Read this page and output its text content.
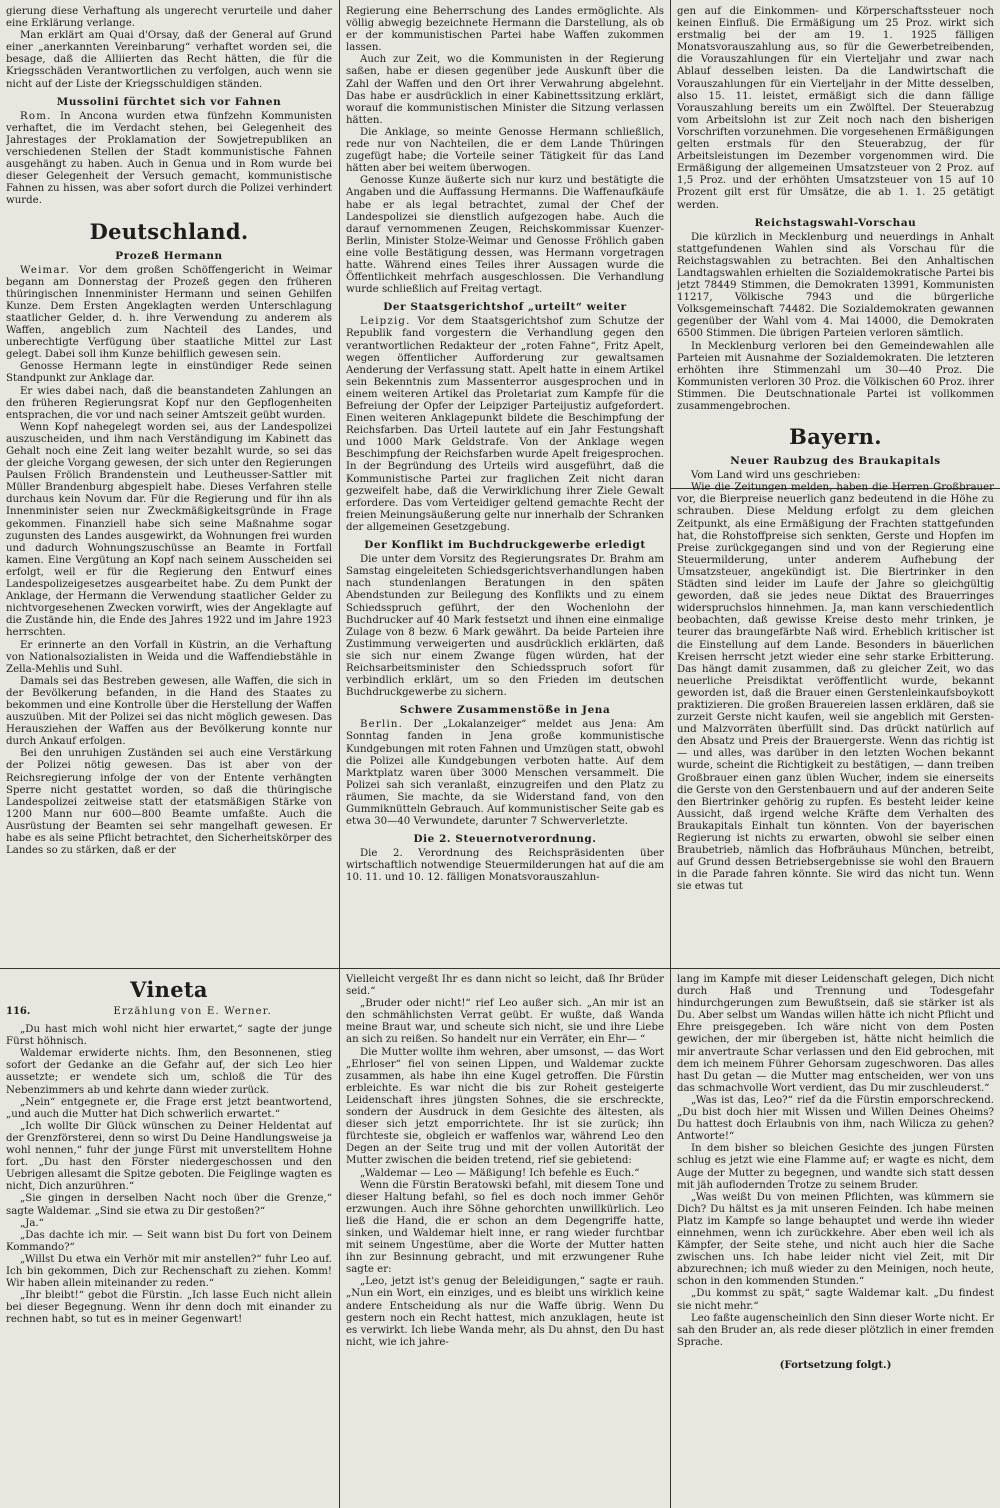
gierung diese Verhaftung als ungerecht verurteile und daher eine Erklärung verlange.

Man erklärt am Quai d'Orsay, daß der General auf Grund einer „anerkannten Vereinbarung“ verhaftet worden sei, die besage, daß die Alliierten das Recht hätten, die für die Kriegsschäden Verantwortlichen zu verfolgen, auch wenn sie nicht auf der Liste der Kriegsschuldigen ständen.

Mussolini fürchtet sich vor Fahnen

Rom. In Ancona wurden etwa fünfzehn Kommunisten verhaftet, die im Verdacht stehen, bei Gelegenheit des Jahrestages der Proklamation der Sowjetrepubliken an verschiedenen Stellen der Stadt kommunistische Fahnen ausgehängt zu haben. Auch in Genua und in Rom wurde bei dieser Gelegenheit der Versuch gemacht, kommunistische Fahnen zu hissen, was aber sofort durch die Polizei verhindert wurde.

Deutschland.
Prozeß Hermann

Weimar. Vor dem großen Schöffengericht in Weimar begann am Donnerstag der Prozeß gegen den früheren thüringischen Innenminister Hermann und seinen Gehilfen Kunze. Dem Ersten Angeklagten werden Unterschlagung staatlicher Gelder, d. h. ihre Verwendung zu anderem als Waffen, angeblich zum Nachteil des Landes, und unberechtigte Verfügung über staatliche Mittel zur Last gelegt. Dabei soll ihm Kunze behilflich gewesen sein.

Genosse Hermann legte in einstündiger Rede seinen Standpunkt zur Anklage dar.

Er wies dabei nach, daß die beanstandeten Zahlungen an den früheren Regierungsrat Kopf nur den Gepflogenheiten entsprachen, die vor und nach seiner Amtszeit geübt wurden.

Wenn Kopf nahegelegt worden sei, aus der Landespolizei auszuscheiden, und ihm nach Verständigung im Kabinett das Gehalt noch eine Zeit lang weiter bezahlt wurde, so sei das der gleiche Vorgang gewesen, der sich unter den Regierungen Paulsen Frölich Brandenstein und Leutheusser-Sattler mit Müller Brandenburg abgespielt habe. Dieses Verfahren stelle durchaus kein Novum dar. Für die Regierung und für ihn als Innenminister seien nur Zweckmäßigkeitsgründe in Frage gekommen. Finanziell habe sich seine Maßnahme sogar zugunsten des Landes ausgewirkt, da Wohnungen frei wurden und dadurch Wohnungszuschüsse an Beamte in Fortfall kamen. Eine Vergütung an Kopf nach seinem Ausscheiden sei erfolgt, weil er für die Regierung den Entwurf eines Landespolizeigesetzes ausgearbeitet habe. Zu dem Punkt der Anklage, der Hermann die Verwendung staatlicher Gelder zu nichtvorgesehenen Zwecken vorwirft, wies der Angeklagte auf die Zustände hin, die Ende des Jahres 1922 und im Jahre 1923 herrschten.

Er erinnerte an den Vorfall in Küstrin, an die Verhaftung von Nationalsozialisten in Weida und die Waffendiebstähle in Zella-Mehlis und Suhl.

Damals sei das Bestreben gewesen, alle Waffen, die sich in der Bevölkerung befanden, in die Hand des Staates zu bekommen und eine Kontrolle über die Herstellung der Waffen auszuüben. Mit der Polizei sei das nicht möglich gewesen. Das Herausziehen der Waffen aus der Bevölkerung konnte nur durch Ankauf erfolgen.

Bei den unruhigen Zuständen sei auch eine Verstärkung der Polizei nötig gewesen. Das ist aber von der Reichsregierung infolge der von der Entente verhängten Sperre nicht gestattet worden, so daß die thüringische Landespolizei zeitweise statt der etatsmäßigen Stärke von 1200 Mann nur 600—800 Beamte umfaßte. Auch die Ausrüstung der Beamten sei sehr mangelhaft gewesen. Er habe es als seine Pflicht betrachtet, den Sicherheitskörper des Landes so zu stärken, daß er der

Regierung eine Beherrschung des Landes ermöglichte. Als völlig abwegig bezeichnete Hermann die Darstellung, als ob er der kommunistischen Partei habe Waffen zukommen lassen.

Auch zur Zeit, wo die Kommunisten in der Regierung saßen, habe er diesen gegenüber jede Auskunft über die Zahl der Waffen und den Ort ihrer Verwahrung abgelehnt. Das habe er ausdrücklich in einer Kabinettssitzung erklärt, worauf die kommunistischen Minister die Sitzung verlassen hätten.

Die Anklage, so meinte Genosse Hermann schließlich, rede nur von Nachteilen, die er dem Lande Thüringen zugefügt habe; die Vorteile seiner Tätigkeit für das Land hätten aber bei weitem überwogen.

Genosse Kunze äußerte sich nur kurz und bestätigte die Angaben und die Auffassung Hermanns. Die Waffenaufkäufe habe er als legal betrachtet, zumal der Chef der Landespolizei sie dienstlich aufgezogen habe. Auch die darauf vernommenen Zeugen, Reichskommissar Kuenzer-Berlin, Minister Stolze-Weimar und Genosse Fröhlich gaben eine volle Bestätigung dessen, was Hermann vorgetragen hatte. Während eines Teiles ihrer Aussagen wurde die Öffentlichkeit mehrfach ausgeschlossen. Die Verhandlung wurde schließlich auf Freitag vertagt.

Der Staatsgerichtshof „urteilt“ weiter

Leipzig. Vor dem Staatsgerichtshof zum Schutze der Republik fand vorgestern die Verhandlung gegen den verantwortlichen Redakteur der „roten Fahne“, Fritz Apelt, wegen öffentlicher Aufforderung zur gewaltsamen Aenderung der Verfassung statt. Apelt hatte in einem Artikel sein Bekenntnis zum Massenterror ausgesprochen und in einem weiteren Artikel das Proletariat zum Kampfe für die Befreiung der Opfer der Leipziger Parteijustiz aufgefordert. Einen weiteren Anklagepunkt bildete die Beschimpfung der Reichsfarben. Das Urteil lautete auf ein Jahr Festungshaft und 1000 Mark Geldstrafe. Von der Anklage wegen Beschimpfung der Reichsfarben wurde Apelt freigesprochen. In der Begründung des Urteils wird ausgeführt, daß die Kommunistische Partei zur fraglichen Zeit nicht daran gezweifelt habe, daß die Verwirklichung ihrer Ziele Gewalt erfordere. Das vom Verteidiger geltend gemachte Recht der freien Meinungsäußerung gelte nur innerhalb der Schranken der allgemeinen Gesetzgebung.

Der Konflikt im Buchdruckgewerbe erledigt

Die unter dem Vorsitz des Regierungsrates Dr. Brahm am Samstag eingeleiteten Schiedsgerichtsverhandlungen haben nach stundenlangen Beratungen in den späten Abendstunden zur Beilegung des Konflikts und zu einem Schiedsspruch geführt, der den Wochenlohn der Buchdrucker auf 40 Mark festsetzt und ihnen eine einmalige Zulage von 8 bezw. 6 Mark gewährt. Da beide Parteien ihre Zustimmung verweigerten und ausdrücklich erklärten, daß sie sich nur einem Zwange fügen würden, hat der Reichsarbeitsminister den Schiedsspruch sofort für verbindlich erklärt, um so den Frieden im deutschen Buchdruckgewerbe zu sichern.

Schwere Zusammenstöße in Jena

Berlin. Der „Lokalanzeiger“ meldet aus Jena: Am Sonntag fanden in Jena große kommunistische Kundgebungen mit roten Fahnen und Umzügen statt, obwohl die Polizei alle Kundgebungen verboten hatte. Auf dem Marktplatz waren über 3000 Menschen versammelt. Die Polizei sah sich veranlaßt, einzugreifen und den Platz zu räumen, Sie machte, da sie Widerstand fand, von den Gummiknütteln Gebrauch. Auf kommunistischer Seite gab es etwa 30—40 Verwundete, darunter 7 Schwerverletzte.

Die 2. Steuernotverordnung.

Die 2. Verordnung des Reichspräsidenten über wirtschaftlich notwendige Steuermilderungen hat auf die am 10. 11. und 10. 12. fälligen Monatsvorauszahlun-

gen auf die Einkommen- und Körperschaftssteuer noch keinen Einfluß. Die Ermäßigung um 25 Proz. wirkt sich erstmalig bei der am 19. 1. 1925 fälligen Monatsvorauszahlung aus, so für die Gewerbetreibenden, die Vorauszahlungen für ein Vierteljahr und zwar nach Ablauf desselben leisten. Da die Landwirtschaft die Vorauszahlungen für ein Vierteljahr in der Mitte desselben, also 15. 11. leistet, ermäßigt sich die dann fällige Vorauszahlung bereits um ein Zwölftel. Der Steuerabzug vom Arbeitslohn ist zur Zeit noch nach den bisherigen Vorschriften vorzunehmen. Die vorgesehenen Ermäßigungen gelten erstmals für den Steuerabzug, der für Arbeitsleistungen im Dezember vorgenommen wird. Die Ermäßigung der allgemeinen Umsatzsteuer von 2 Proz. auf 1,5 Proz. und der erhöhten Umsatzsteuer von 15 auf 10 Prozent gilt erst für Umsätze, die ab 1. 1. 25 getätigt werden.

Reichstagswahl-Vorschau

Die kürzlich in Mecklenburg und neuerdings in Anhalt stattgefundenen Wahlen sind als Vorschau für die Reichstagswahlen zu betrachten. Bei den Anhaltischen Landtagswahlen erhielten die Sozialdemokratische Partei bis jetzt 78449 Stimmen, die Demokraten 13991, Kommunisten 11217, Völkische 7943 und die bürgerliche Volksgemeinschaft 74482. Die Sozialdemokraten gewannen gegenüber der Wahl vom 4. Mai 14000, die Demokraten 6500 Stimmen. Die übrigen Parteien verloren sämtlich.

In Mecklenburg verloren bei den Gemeindewahlen alle Parteien mit Ausnahme der Sozialdemokraten. Die letzteren erhöhten ihre Stimmenzahl um 30—40 Proz. Die Kommunisten verloren 30 Proz. die Völkischen 60 Proz. ihrer Stimmen. Die Deutschnationale Partei ist vollkommen zusammengebrochen.

Bayern.
Neuer Raubzug des Braukapitals

Vom Land wird uns geschrieben:

Wie die Zeitungen melden, haben die Herren Großbrauer vor, die Bierpreise neuerlich ganz bedeutend in die Höhe zu schrauben. Diese Meldung erfolgt zu dem gleichen Zeitpunkt, als eine Ermäßigung der Frachten stattgefunden hat, die Rohstoffpreise sich senkten, Gerste und Hopfen im Preise zurückgegangen sind und von der Regierung eine Steuermilderung, unter anderem Aufhebung der Umsatzsteuer, angekündigt ist. Die Biertrinker in den Städten sind leider im Laufe der Jahre so gleichgültig geworden, daß sie jedes neue Diktat des Brauerringes widerspruchslos hinnehmen. Ja, man kann verschiedentlich beobachten, daß gewisse Kreise desto mehr trinken, je teurer das braungefärbte Naß wird. Erheblich kritischer ist die Einstellung auf dem Lande. Besonders in bäuerlichen Kreisen herrscht jetzt wieder eine sehr starke Erbitterung. Das hängt damit zusammen, daß zu gleicher Zeit, wo das neuerliche Preisdiktat veröffentlicht wurde, bekannt geworden ist, daß die Brauer einen Gerstenleinkaufsboykott praktizieren. Die großen Brauereien lassen erklären, daß sie zurzeit Gerste nicht kaufen, weil sie angeblich mit Gersten- und Malzvorräten überfüllt sind. Das drückt natürlich auf den Absatz und Preis der Brauergerste. Wenn das richtig ist — und alles, was darüber in den letzten Wochen bekannt wurde, scheint die Richtigkeit zu bestätigen, — dann treiben Großbrauer einen ganz üblen Wucher, indem sie einerseits die Gerste von den Gerstenbauern und auf der anderen Seite den Biertrinker gehörig zu rupfen. Es besteht leider keine Aussicht, daß irgend welche Kräfte dem Verhalten des Braukapitals Einhalt tun könnten. Von der bayerischen Regierung ist nichts zu erwarten, obwohl sie selber einen Braubetrieb, nämlich das Hofbräuhaus München, betreibt, auf Grund dessen Betriebsergebnisse sie wohl den Brauern in die Parade fahren könnte. Sie wird das nicht tun. Wenn sie etwas tut

Vineta
116.	Erzählung von E. Werner.

„Du hast mich wohl nicht hier erwartet,“ sagte der junge Fürst höhnisch.

Waldemar erwiderte nichts. Ihm, den Besonnenen, stieg sofort der Gedanke an die Gefahr auf, der sich Leo hier aussetzte; er wendete sich um, schloß die Tür des Nebenzimmers ab und kehrte dann wieder zurück.

„Nein“ entgegnete er, die Frage erst jetzt beantwortend, „und auch die Mutter hat Dich schwerlich erwartet.“

„Ich wollte Dir Glück wünschen zu Deiner Heldentat auf der Grenzförsterei, denn so wirst Du Deine Handlungsweise ja wohl nennen,“ fuhr der junge Fürst mit unverstelltem Hohne fort. „Du hast den Förster niedergeschossen und den Uebrigen allesamt die Spitze geboten. Die Feiglinge wagten es nicht, Dich anzurühren.“

„Sie gingen in derselben Nacht noch über die Grenze,“ sagte Waldemar. „Sind sie etwa zu Dir gestoßen?“

„Ja.“

„Das dachte ich mir. — Seit wann bist Du fort von Deinem Kommando?“

„Willst Du etwa ein Verhör mit mir anstellen?“ fuhr Leo auf. Ich bin gekommen, Dich zur Rechenschaft zu ziehen. Komm! Wir haben allein miteinander zu reden.“

„Ihr bleibt!“ gebot die Fürstin. „Ich lasse Euch nicht allein bei dieser Begegnung. Wenn ihr denn doch mit einander zu rechnen habt, so tut es in meiner Gegenwart!

Vielleicht vergeßt Ihr es dann nicht so leicht, daß Ihr Brüder seid.“

„Bruder oder nicht!“ rief Leo außer sich. „An mir ist an den schmählichsten Verrat geübt. Er wußte, daß Wanda meine Braut war, und scheute sich nicht, sie und ihre Liebe an sich zu reißen. So handelt nur ein Verräter, ein Ehr— “

Die Mutter wollte ihm wehren, aber umsonst, — das Wort „Ehrloser“ fiel von seinen Lippen, und Waldemar zuckte zusammen, als habe ihn eine Kugel getroffen. Die Fürstin erbleichte. Es war nicht die bis zur Roheit gesteigerte Leidenschaft ihres jüngsten Sohnes, die sie erschreckte, sondern der Ausdruck in dem Gesichte des ältesten, als dieser sich jetzt emporrichtete. Ihr ist sie zurück; ihn fürchteste sie, obgleich er waffenlos war, während Leo den Degen an der Seite trug und mit der vollen Autorität der Mutter zwischen die beiden tretend, rief sie gebietend:

„Waldemar — Leo — Mäßigung! Ich befehle es Euch.“

Wenn die Fürstin Beratowski befahl, mit diesem Tone und dieser Haltung befahl, so fiel es doch noch immer Gehör erzwungen. Auch ihre Söhne gehorchten unwillkürlich. Leo ließ die Hand, die er schon an dem Degengriffe hatte, sinken, und Waldemar hielt inne, er rang wieder furchtbar mit seinem Ungestüme, aber die Worte der Mutter hatten ihn zur Besinnung gebracht, und mit erzwungener Ruhe sagte er:

„Leo, jetzt ist's genug der Beleidigungen,“ sagte er rauh. „Nun ein Wort, ein einziges, und es bleibt uns wirklich keine andere Entscheidung als nur die Waffe übrig. Wenn Du gestern noch ein Recht hattest, mich anzuklagen, heute ist es verwirkt. Ich liebe Wanda mehr, als Du ahnst, den Du hast nicht, wie ich jahre-

lang im Kampfe mit dieser Leidenschaft gelegen, Dich nicht durch Haß und Trennung und Todesgefahr hindurchgerungen zum Bewußtsein, daß sie stärker ist als Du. Aber selbst um Wandas willen hätte ich nicht Pflicht und Ehre preisgegeben. Ich wäre nicht von dem Posten gewichen, der mir übergeben ist, hätte nicht heimlich die mir anvertraute Schar verlassen und den Eid gebrochen, mit dem ich meinem Führer Gehorsam zugeschworen. Das alles hast Du getan — die Mutter mag entscheiden, wer von uns das schmachvolle Wort verdient, das Du mir zuschleuderst.“

„Was ist das, Leo?“ rief da die Fürstin emporschreckend. „Du bist doch hier mit Wissen und Willen Deines Oheims? Du hattest doch Erlaubnis von ihm, nach Wilicza zu gehen? Antworte!“

In dem bisher so bleichen Gesichte des jungen Fürsten schlug es jetzt wie eine Flamme auf; er wagte es nicht, dem Auge der Mutter zu begegnen, und wandte sich statt dessen mit jäh auflodernden Trotze zu seinem Bruder.

„Was weißt Du von meinen Pflichten, was kümmern sie Dich? Du hältst es ja mit unseren Feinden. Ich habe meinen Platz im Kampfe so lange behauptet und werde ihn wieder einnehmen, wenn ich zurückkehre. Aber eben weil ich als Kämpfer, der Seite stehe, und nicht auch hier die Sache zwischen uns. Ich habe leider nicht viel Zeit, mit Dir abzurechnen; ich muß wieder zu den Meinigen, noch heute, schon in den kommenden Stunden.“

„Du kommst zu spät,“ sagte Waldemar kalt. „Du findest sie nicht mehr.“

Leo faßte augenscheinlich den Sinn dieser Worte nicht. Er sah den Bruder an, als rede dieser plötzlich in einer fremden Sprache.

(Fortsetzung folgt.)
